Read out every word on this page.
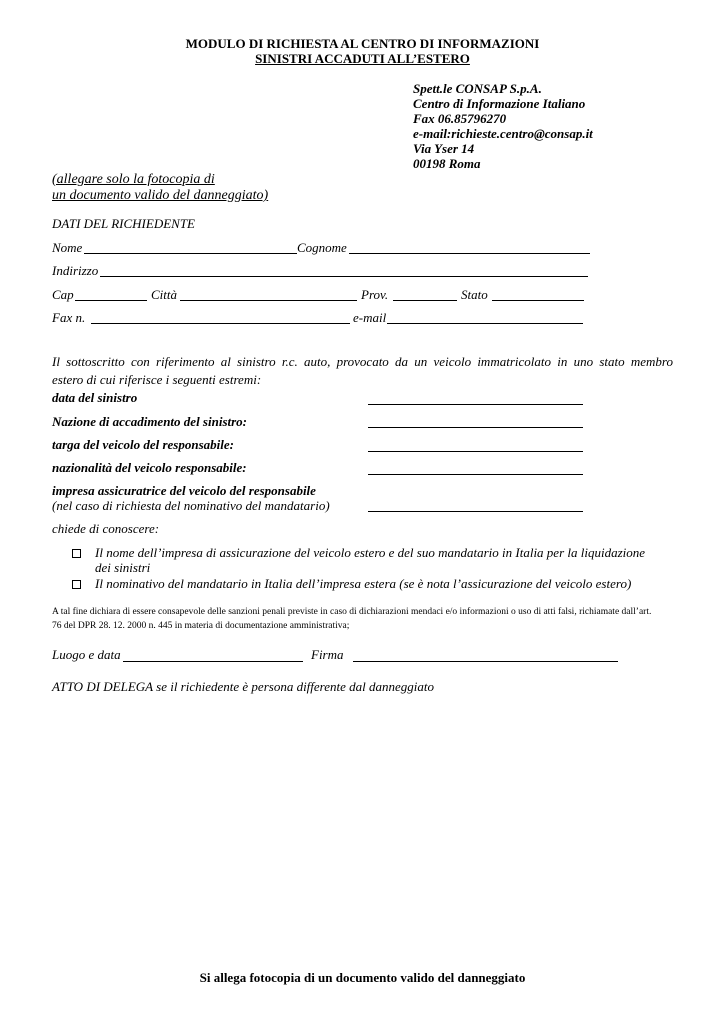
MODULO DI RICHIESTA AL CENTRO DI INFORMAZIONI
SINISTRI ACCADUTI ALL’ESTERO
Spett.le CONSAP S.p.A.
Centro di Informazione Italiano
Fax 06.85796270
e-mail:richieste.centro@consap.it
Via Yser 14
00198 Roma
(allegare solo la fotocopia di
un documento valido del danneggiato)
DATI DEL RICHIEDENTE
Nome	Cognome
Indirizzo
Cap	Città	Prov.	Stato
Fax n.	e-mail
Il sottoscritto con riferimento al sinistro r.c. auto, provocato da un veicolo immatricolato in uno stato membro
estero di cui riferisce i seguenti estremi:
data del sinistro
Nazione di accadimento del sinistro:
targa del veicolo del responsabile:
nazionalità del veicolo responsabile:
impresa assicuratrice del veicolo del responsabile
(nel caso di richiesta del nominativo del mandatario)
chiede di conoscere:
Il nome dell’impresa di assicurazione del veicolo estero e del suo mandatario in Italia per la liquidazione
dei sinistri
Il nominativo del mandatario in Italia dell’impresa estera (se è nota l’assicurazione del veicolo estero)
A tal fine dichiara di essere consapevole delle sanzioni penali previste in caso di dichiarazioni mendaci e/o informazioni o uso di atti falsi, richiamate dall’art.
76 del DPR 28. 12. 2000 n. 445 in materia di documentazione amministrativa;
Luogo e data	Firma
ATTO DI DELEGA se il richiedente è persona differente dal danneggiato
Si allega fotocopia di un documento valido del danneggiato
